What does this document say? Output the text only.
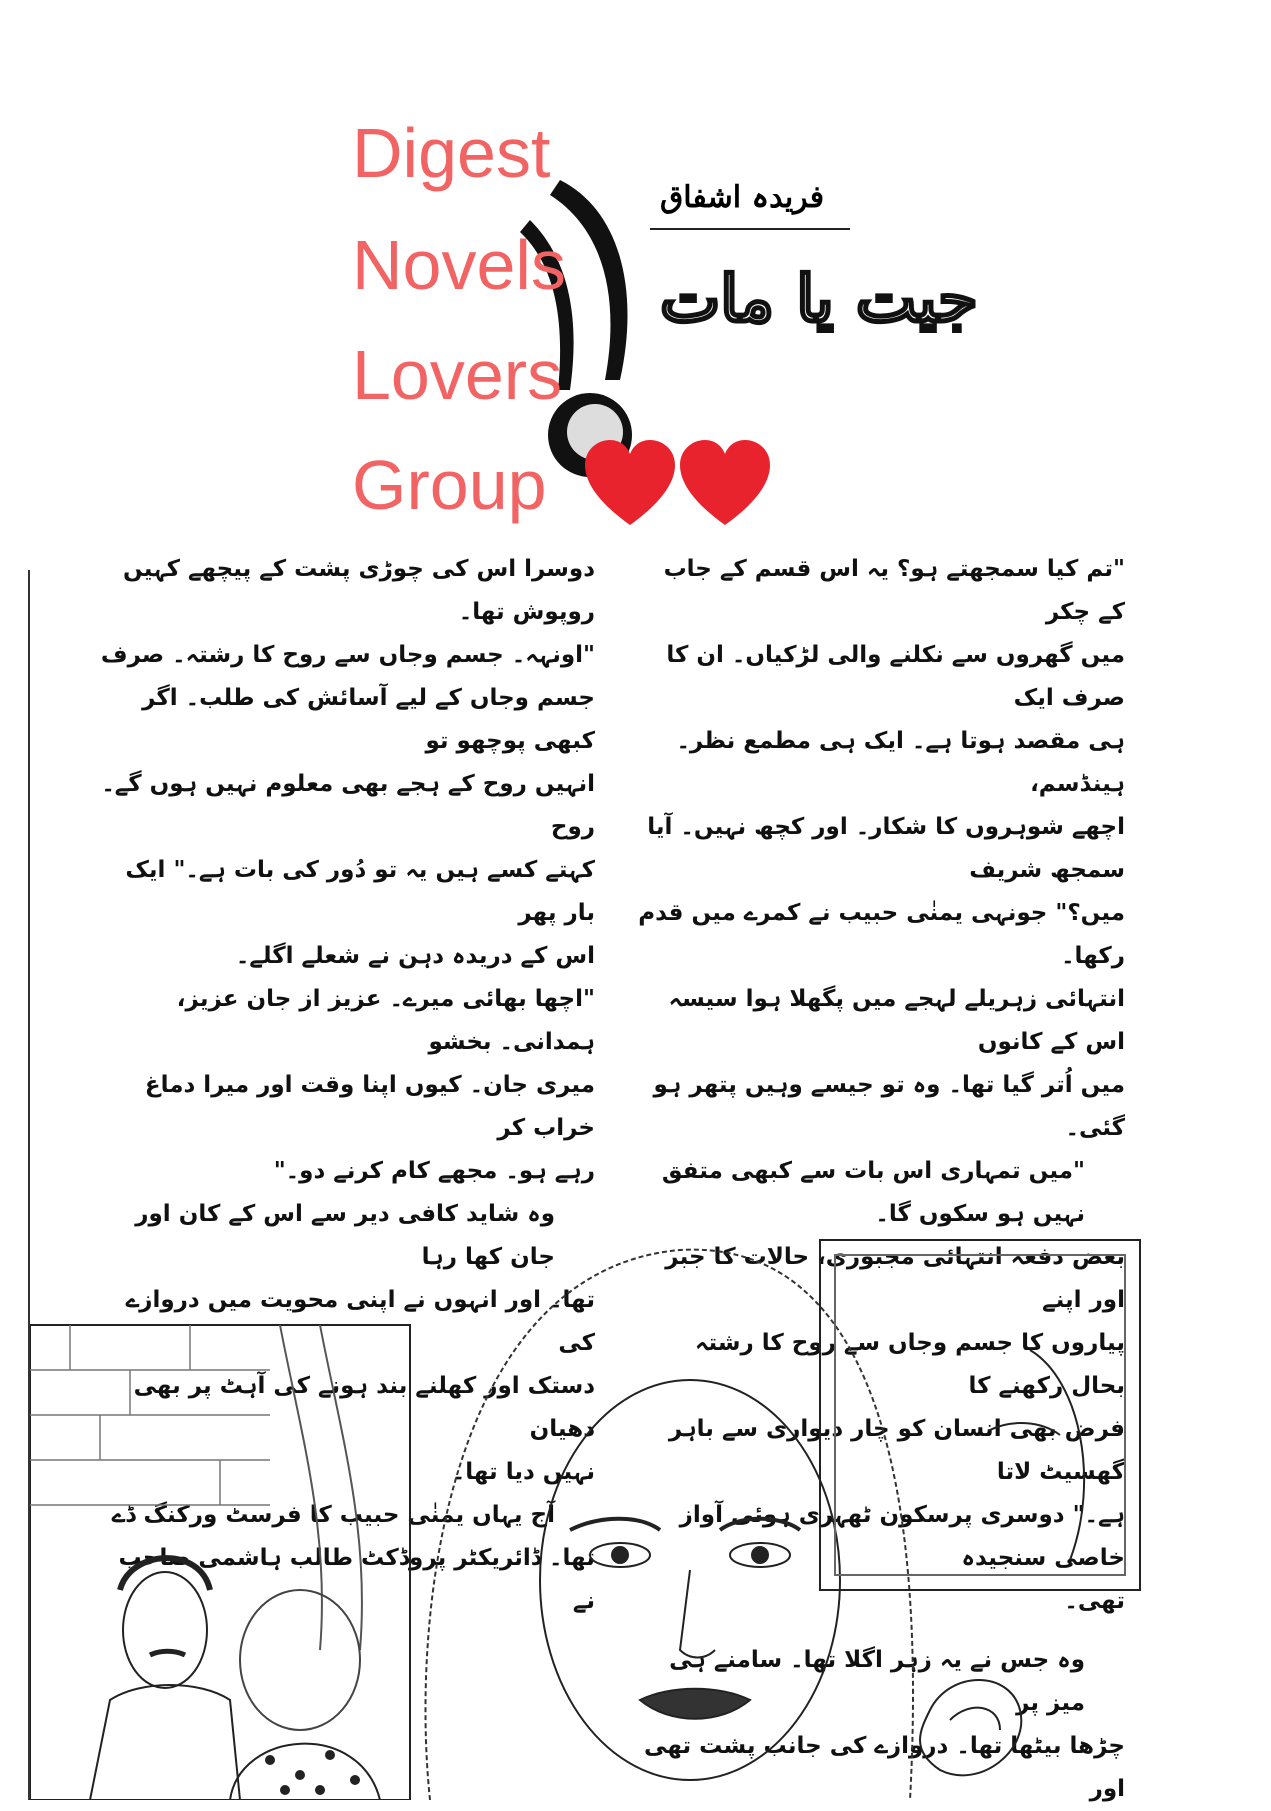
فریدہ اشفاق
جیت یا مات
Digest
Novels
Lovers
Group
"تم کیا سمجھتے ہو؟ یہ اس قسم کے جاب کے چکر
میں گھروں سے نکلنے والی لڑکیاں۔ ان کا صرف ایک
ہی مقصد ہوتا ہے۔ ایک ہی مطمع نظر۔ ہینڈسم،
اچھے شوہروں کا شکار۔ اور کچھ نہیں۔ آیا سمجھ شریف
میں؟" جونہی یمنٰی حبیب نے کمرے میں قدم رکھا۔
انتہائی زہریلے لہجے میں پگھلا ہوا سیسہ اس کے کانوں
میں اُتر گیا تھا۔ وہ تو جیسے وہیں پتھر ہو گئی۔
"میں تمہاری اس بات سے کبھی متفق نہیں ہو سکوں گا۔
بعض دفعہ انتہائی مجبوری، حالات کا جبر اور اپنے
پیاروں کا جسم وجاں سے روح کا رشتہ بحال رکھنے کا
فرض بھی انسان کو چار دیواری سے باہر گھسیٹ لاتا
ہے۔" دوسری پرسکون ٹھہری ہوئی آواز خاصی سنجیدہ
تھی۔
وہ جس نے یہ زہر اگلا تھا۔ سامنے ہی میز پر
چڑھا بیٹھا تھا۔ دروازے کی جانب پشت تھی اور
دوسرا اس کی چوڑی پشت کے پیچھے کہیں روپوش تھا۔
"اونہہ۔ جسم وجاں سے روح کا رشتہ۔ صرف
جسم وجاں کے لیے آسائش کی طلب۔ اگر کبھی پوچھو تو
انہیں روح کے ہجے بھی معلوم نہیں ہوں گے۔ روح
کہتے کسے ہیں یہ تو دُور کی بات ہے۔" ایک بار پھر
اس کے دریدہ دہن نے شعلے اگلے۔
"اچھا بھائی میرے۔ عزیز از جان عزیز، ہمدانی۔ بخشو
میری جان۔ کیوں اپنا وقت اور میرا دماغ خراب کر
رہے ہو۔ مجھے کام کرنے دو۔"
وہ شاید کافی دیر سے اس کے کان اور جان کھا رہا
تھا۔ اور انہوں نے اپنی محویت میں دروازے کی
دستک اور کھلنے بند ہونے کی آہٹ پر بھی دھیان
نہیں دیا تھا۔
آج یہاں یمنٰی حبیب کا فرسٹ ورکنگ ڈے
تھا۔ ڈائریکٹر پروڈکٹ طالب ہاشمی صاحب نے
